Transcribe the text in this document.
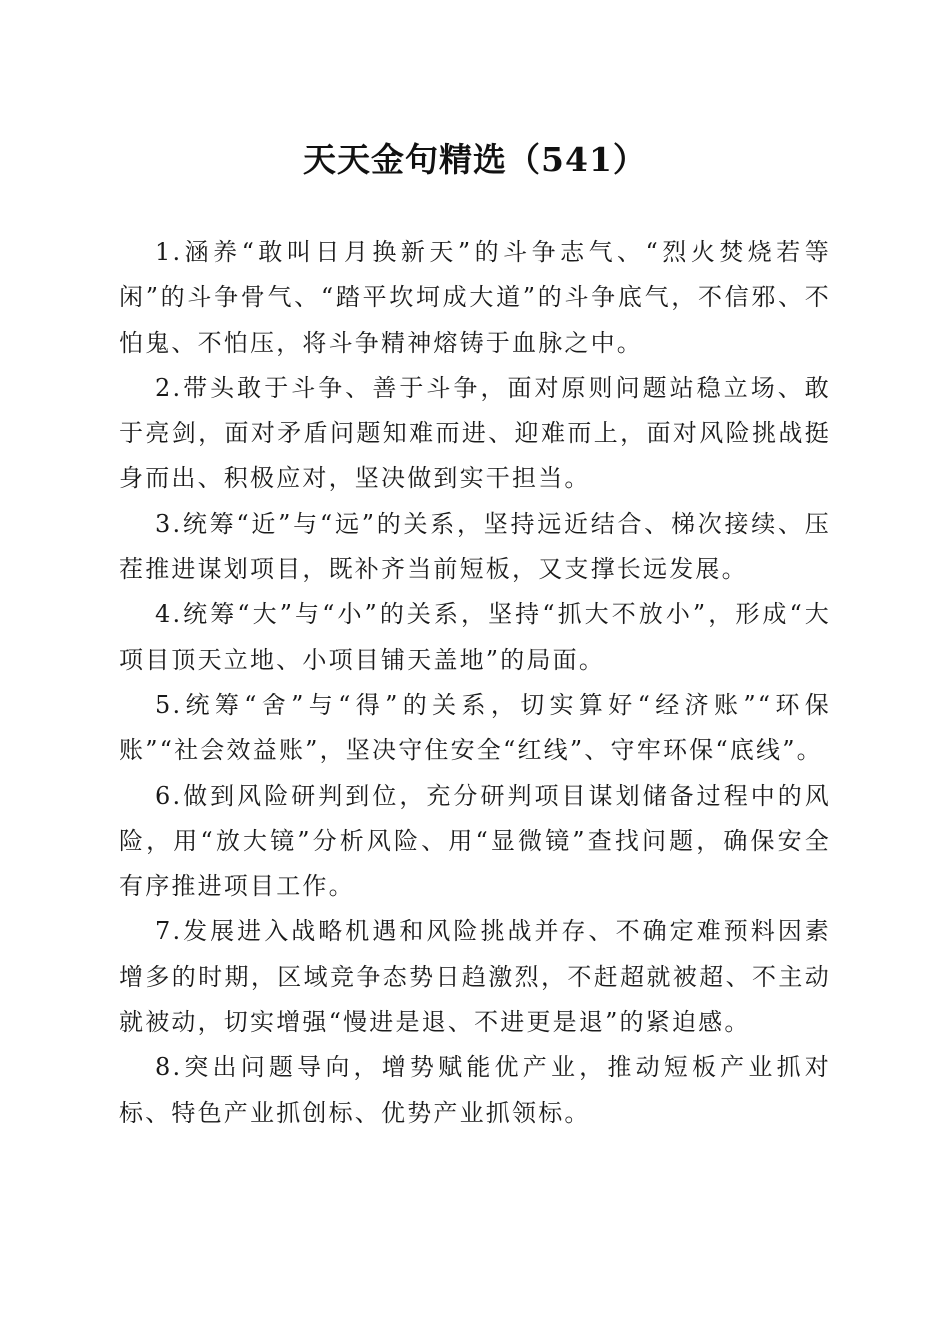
天天金句精选（541）

1.涵养“敢叫日月换新天”的斗争志气、“烈火焚烧若等闲”的斗争骨气、“踏平坎坷成大道”的斗争底气，不信邪、不怕鬼、不怕压，将斗争精神熔铸于血脉之中。

2.带头敢于斗争、善于斗争，面对原则问题站稳立场、敢于亮剑，面对矛盾问题知难而进、迎难而上，面对风险挑战挺身而出、积极应对，坚决做到实干担当。

3.统筹“近”与“远”的关系，坚持远近结合、梯次接续、压茬推进谋划项目，既补齐当前短板，又支撑长远发展。

4.统筹“大”与“小”的关系，坚持“抓大不放小”，形成“大项目顶天立地、小项目铺天盖地”的局面。

5.统筹“舍”与“得”的关系，切实算好“经济账”“环保账”“社会效益账”，坚决守住安全“红线”、守牢环保“底线”。

6.做到风险研判到位，充分研判项目谋划储备过程中的风险，用“放大镜”分析风险、用“显微镜”查找问题，确保安全有序推进项目工作。

7.发展进入战略机遇和风险挑战并存、不确定难预料因素增多的时期，区域竞争态势日趋激烈，不赶超就被超、不主动就被动，切实增强“慢进是退、不进更是退”的紧迫感。

8.突出问题导向，增势赋能优产业，推动短板产业抓对标、特色产业抓创标、优势产业抓领标。
